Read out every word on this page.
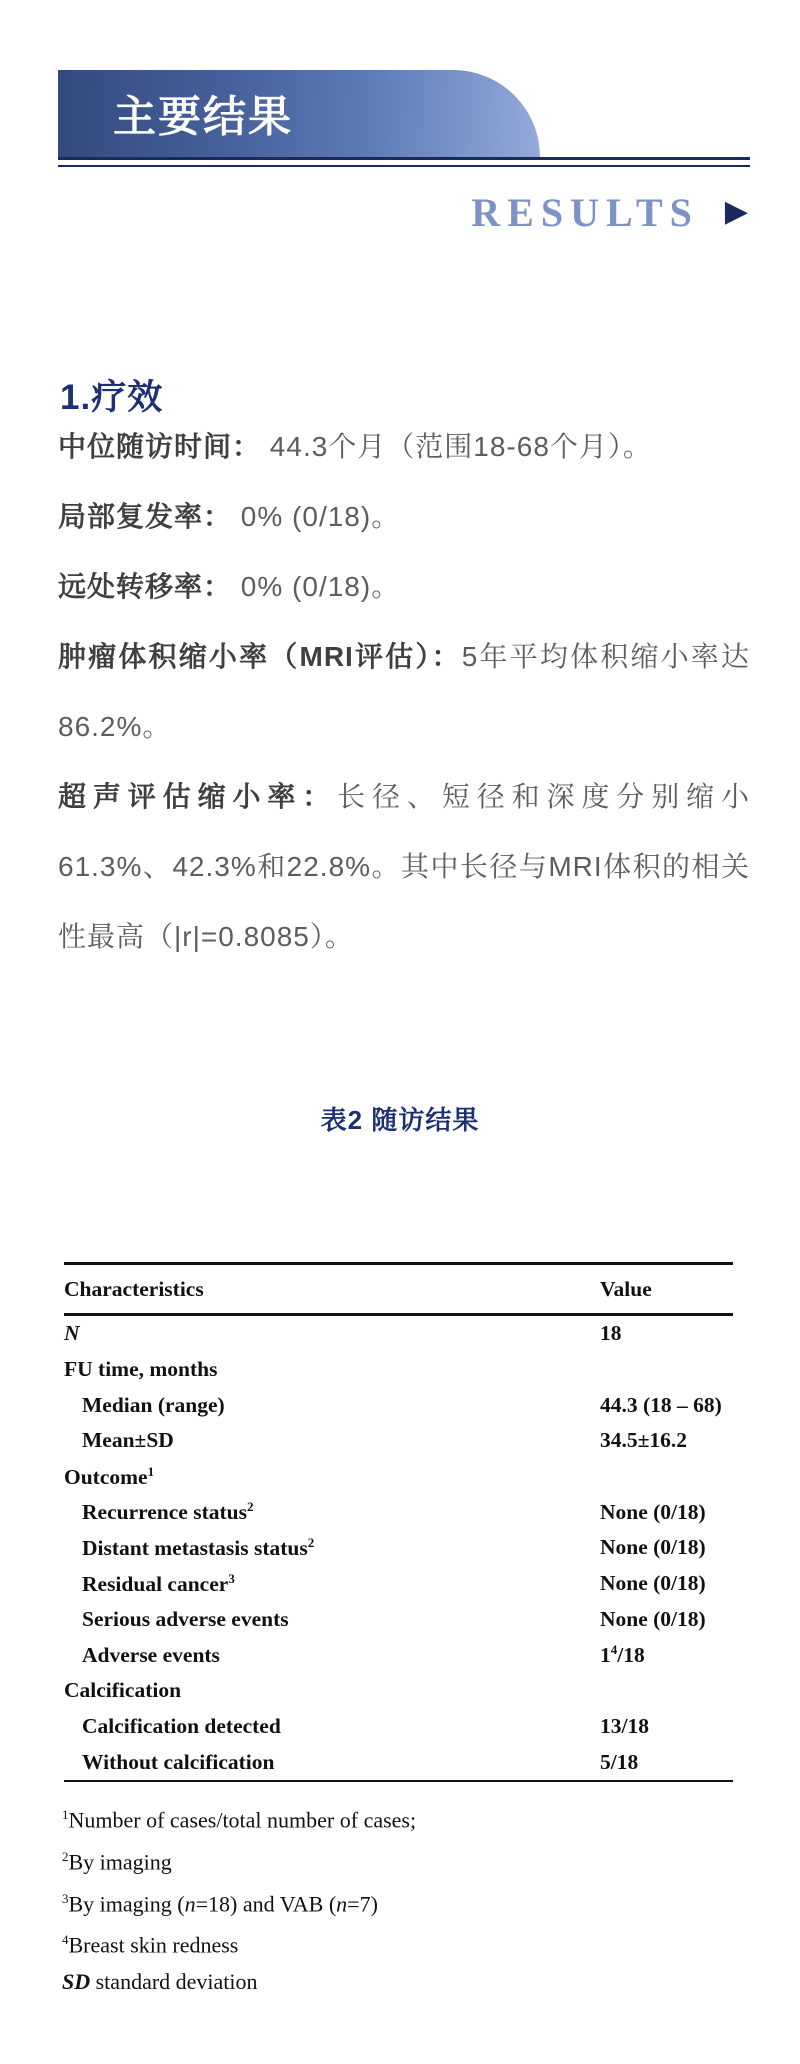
主要结果
RESULTS ▶
1.疗效

中位随访时间： 44.3个月（范围18-68个月）。

局部复发率： 0% (0/18)。

远处转移率： 0% (0/18)。

肿瘤体积缩小率（MRI评估）：5年平均体积缩小率达86.2%。

超声评估缩小率：长径、短径和深度分别缩小61.3%、42.3%和22.8%。其中长径与MRI体积的相关性最高（|r|=0.8085）。

表2 随访结果
Characteristics	Value
N	18
FU time, months
Median (range)	44.3 (18 – 68)
Mean±SD	34.5±16.2
Outcome$^1$
Recurrence status$^2$	None (0/18)
Distant metastasis status$^2$	None (0/18)
Residual cancer$^3$	None (0/18)
Serious adverse events	None (0/18)
Adverse events	$1^4/18$
Calcification
Calcification detected	13/18
Without calcification	5/18
$^1$Number of cases/total number of cases;
$^2$By imaging
$^3$By imaging (n=18) and VAB (n=7)
$^4$Breast skin redness
SD standard deviation
